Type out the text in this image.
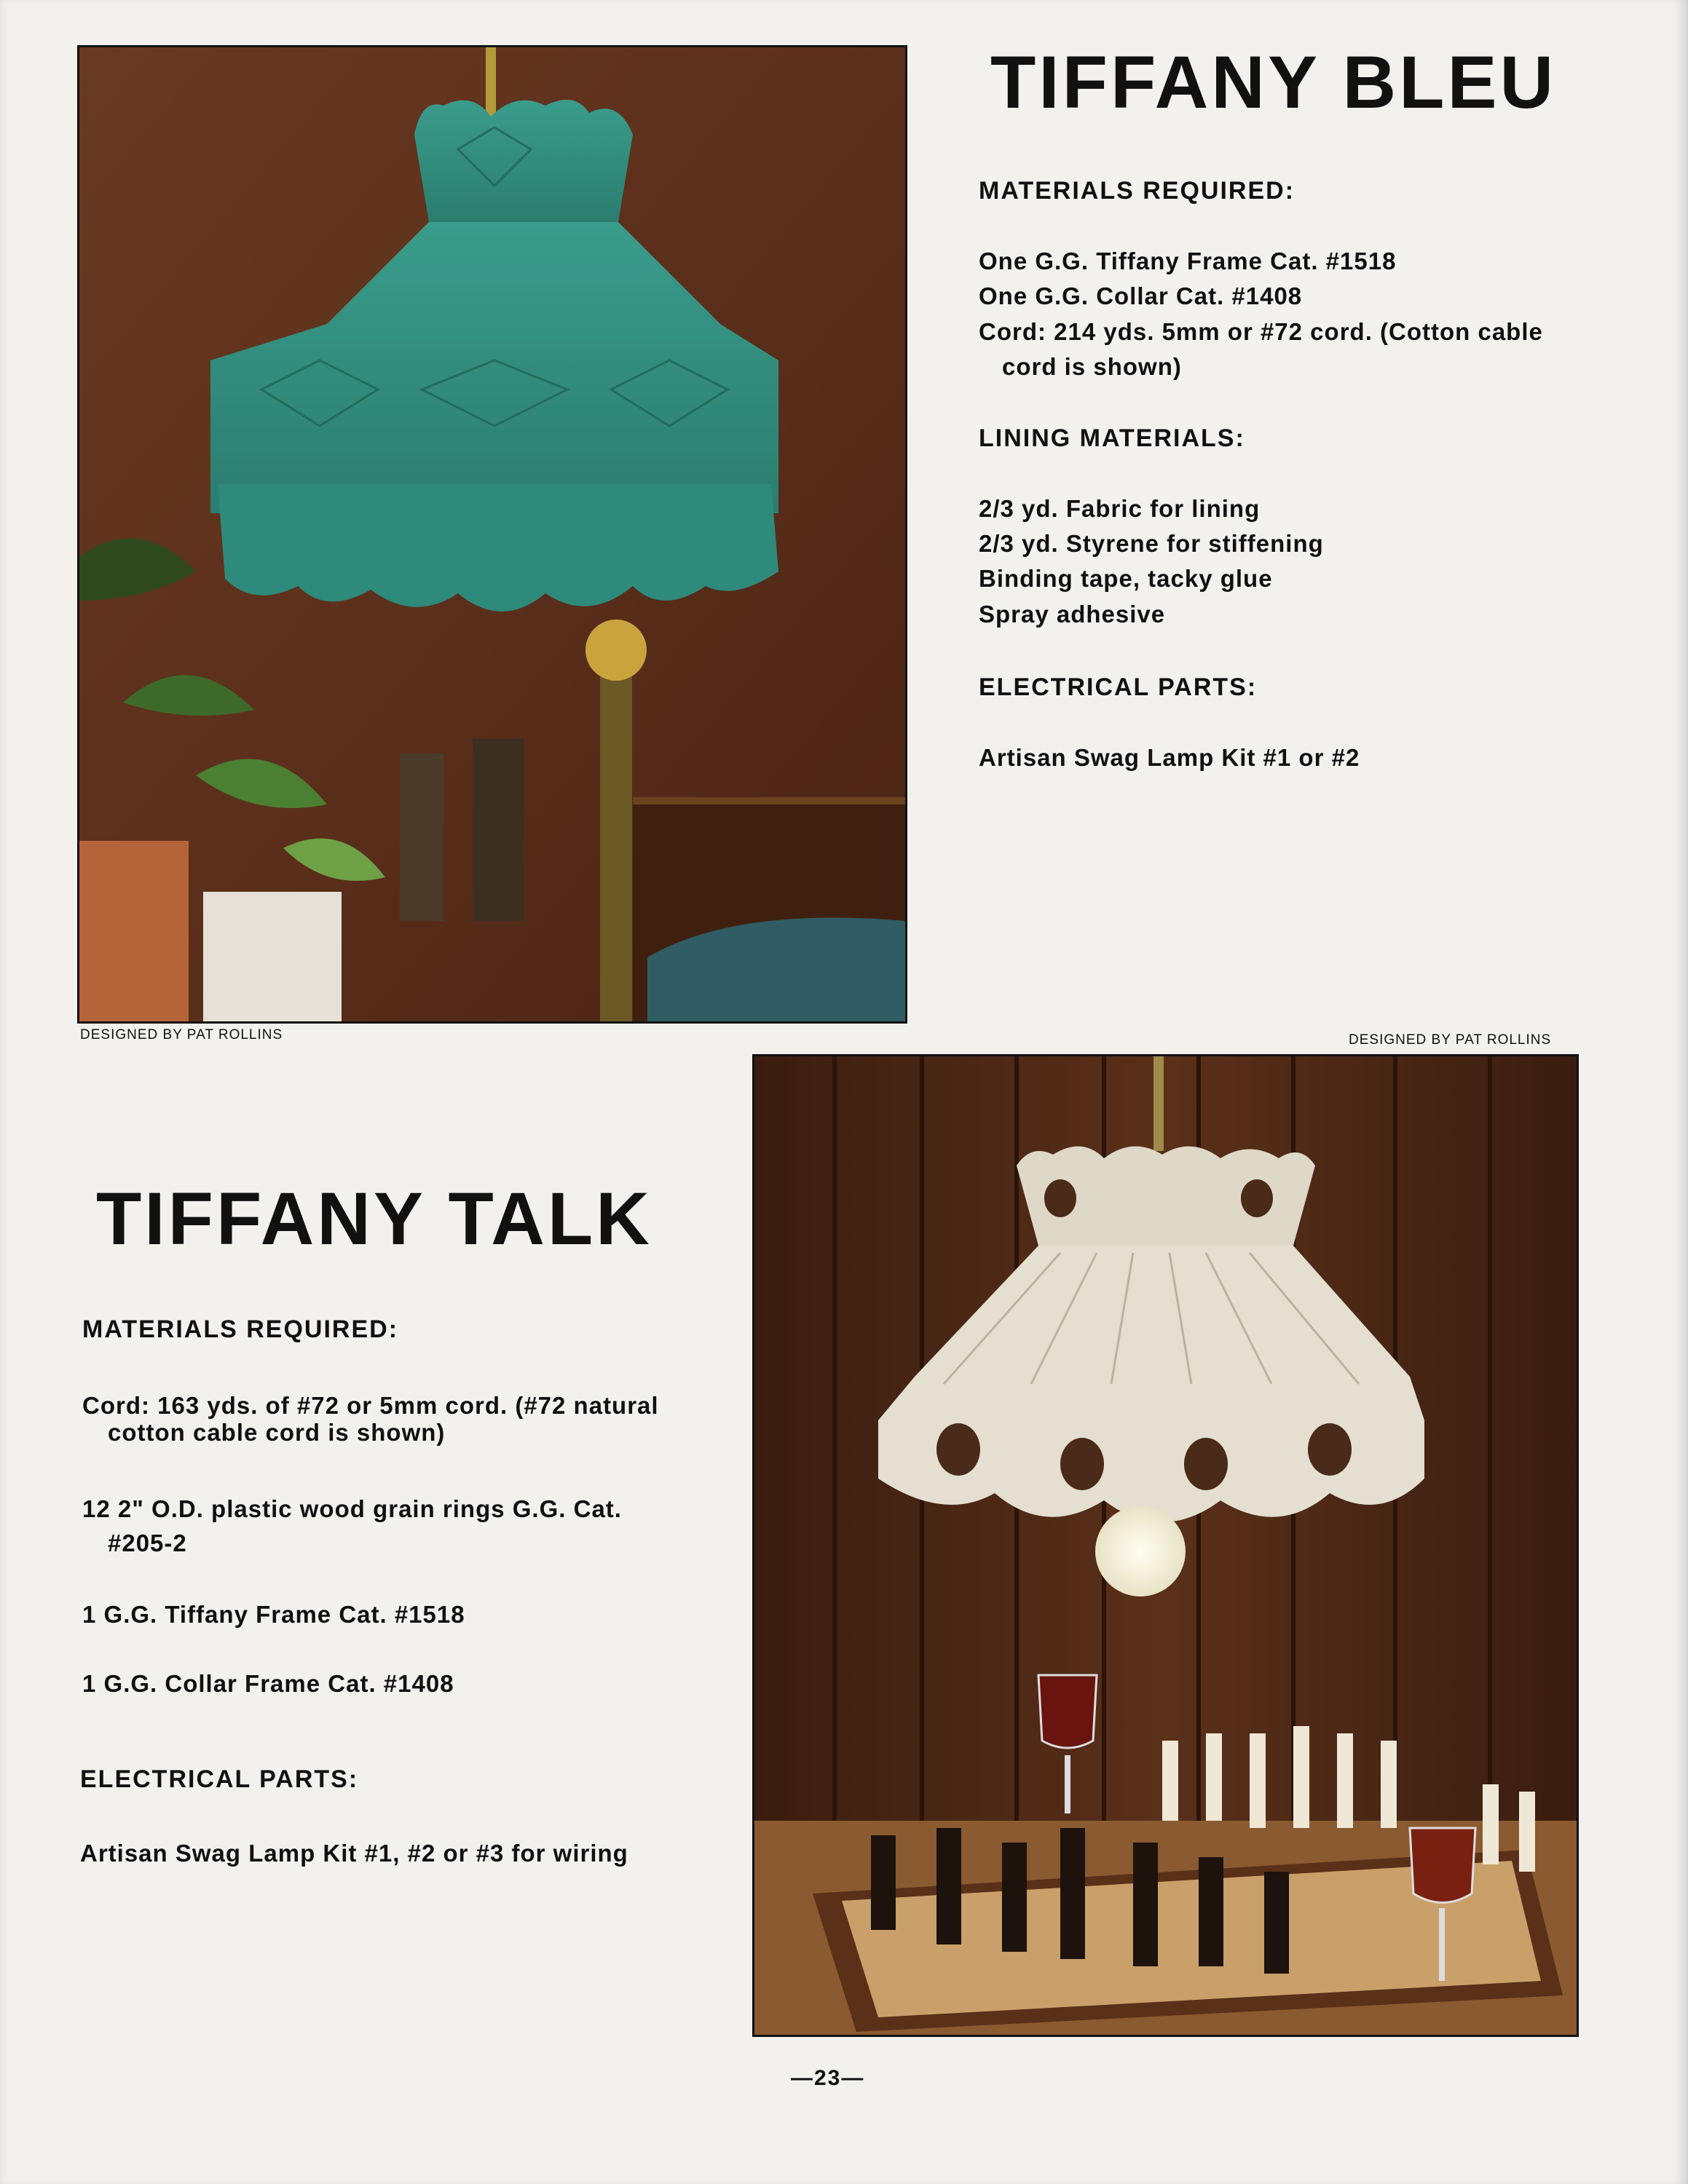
DESIGNED BY PAT ROLLINS
TIFFANY BLEU
MATERIALS REQUIRED:
One G.G. Tiffany Frame Cat. #1518
One G.G. Collar Cat. #1408
Cord: 214 yds. 5mm or #72 cord. (Cotton cable
cord is shown)
LINING MATERIALS:
2/3 yd. Fabric for lining
2/3 yd. Styrene for stiffening
Binding tape, tacky glue
Spray adhesive
ELECTRICAL PARTS:
Artisan Swag Lamp Kit #1 or #2
DESIGNED BY PAT ROLLINS
TIFFANY TALK
MATERIALS REQUIRED:
Cord: 163 yds. of #72 or 5mm cord. (#72 natural
cotton cable cord is shown)
12 2" O.D. plastic wood grain rings G.G. Cat.
#205-2
1 G.G. Tiffany Frame Cat. #1518
1 G.G. Collar Frame Cat. #1408
ELECTRICAL PARTS:
Artisan Swag Lamp Kit #1, #2 or #3 for wiring
—23—
